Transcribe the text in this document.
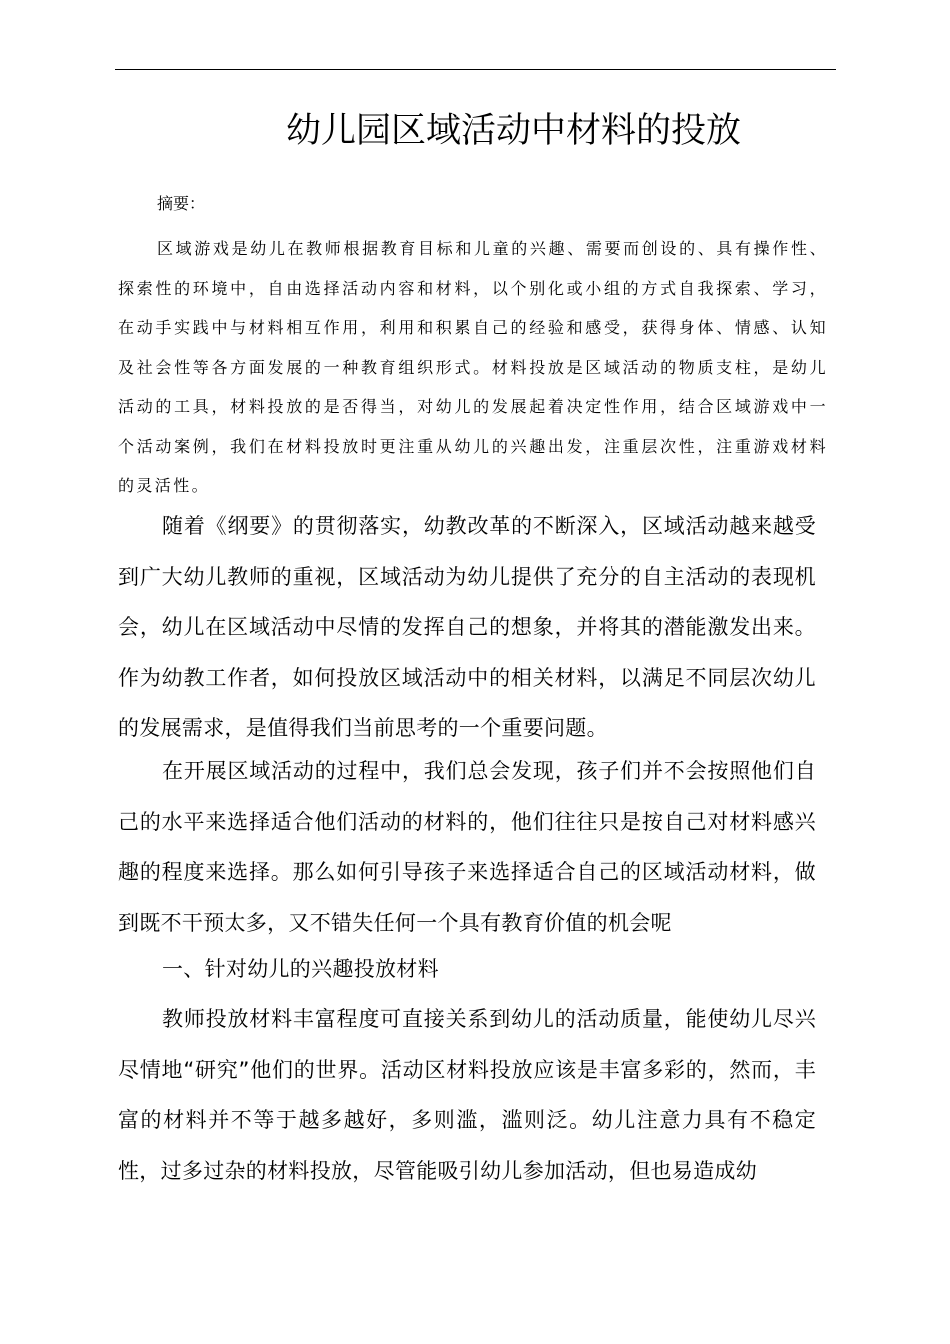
幼儿园区域活动中材料的投放

摘要：

区域游戏是幼儿在教师根据教育目标和儿童的兴趣、需要而创设的、具有操作性、探索性的环境中，自由选择活动内容和材料，以个别化或小组的方式自我探索、学习，在动手实践中与材料相互作用，利用和积累自己的经验和感受，获得身体、情感、认知及社会性等各方面发展的一种教育组织形式。材料投放是区域活动的物质支柱，是幼儿活动的工具，材料投放的是否得当，对幼儿的发展起着决定性作用，结合区域游戏中一个活动案例，我们在材料投放时更注重从幼儿的兴趣出发，注重层次性，注重游戏材料的灵活性。

随着《纲要》的贯彻落实，幼教改革的不断深入，区域活动越来越受到广大幼儿教师的重视，区域活动为幼儿提供了充分的自主活动的表现机会，幼儿在区域活动中尽情的发挥自己的想象，并将其的潜能激发出来。作为幼教工作者，如何投放区域活动中的相关材料，以满足不同层次幼儿的发展需求，是值得我们当前思考的一个重要问题。

在开展区域活动的过程中，我们总会发现，孩子们并不会按照他们自己的水平来选择适合他们活动的材料的，他们往往只是按自己对材料感兴趣的程度来选择。那么如何引导孩子来选择适合自己的区域活动材料，做到既不干预太多，又不错失任何一个具有教育价值的机会呢

一、针对幼儿的兴趣投放材料

教师投放材料丰富程度可直接关系到幼儿的活动质量，能使幼儿尽兴尽情地“研究”他们的世界。活动区材料投放应该是丰富多彩的，然而，丰富的材料并不等于越多越好，多则滥，滥则泛。幼儿注意力具有不稳定性，过多过杂的材料投放，尽管能吸引幼儿参加活动，但也易造成幼
